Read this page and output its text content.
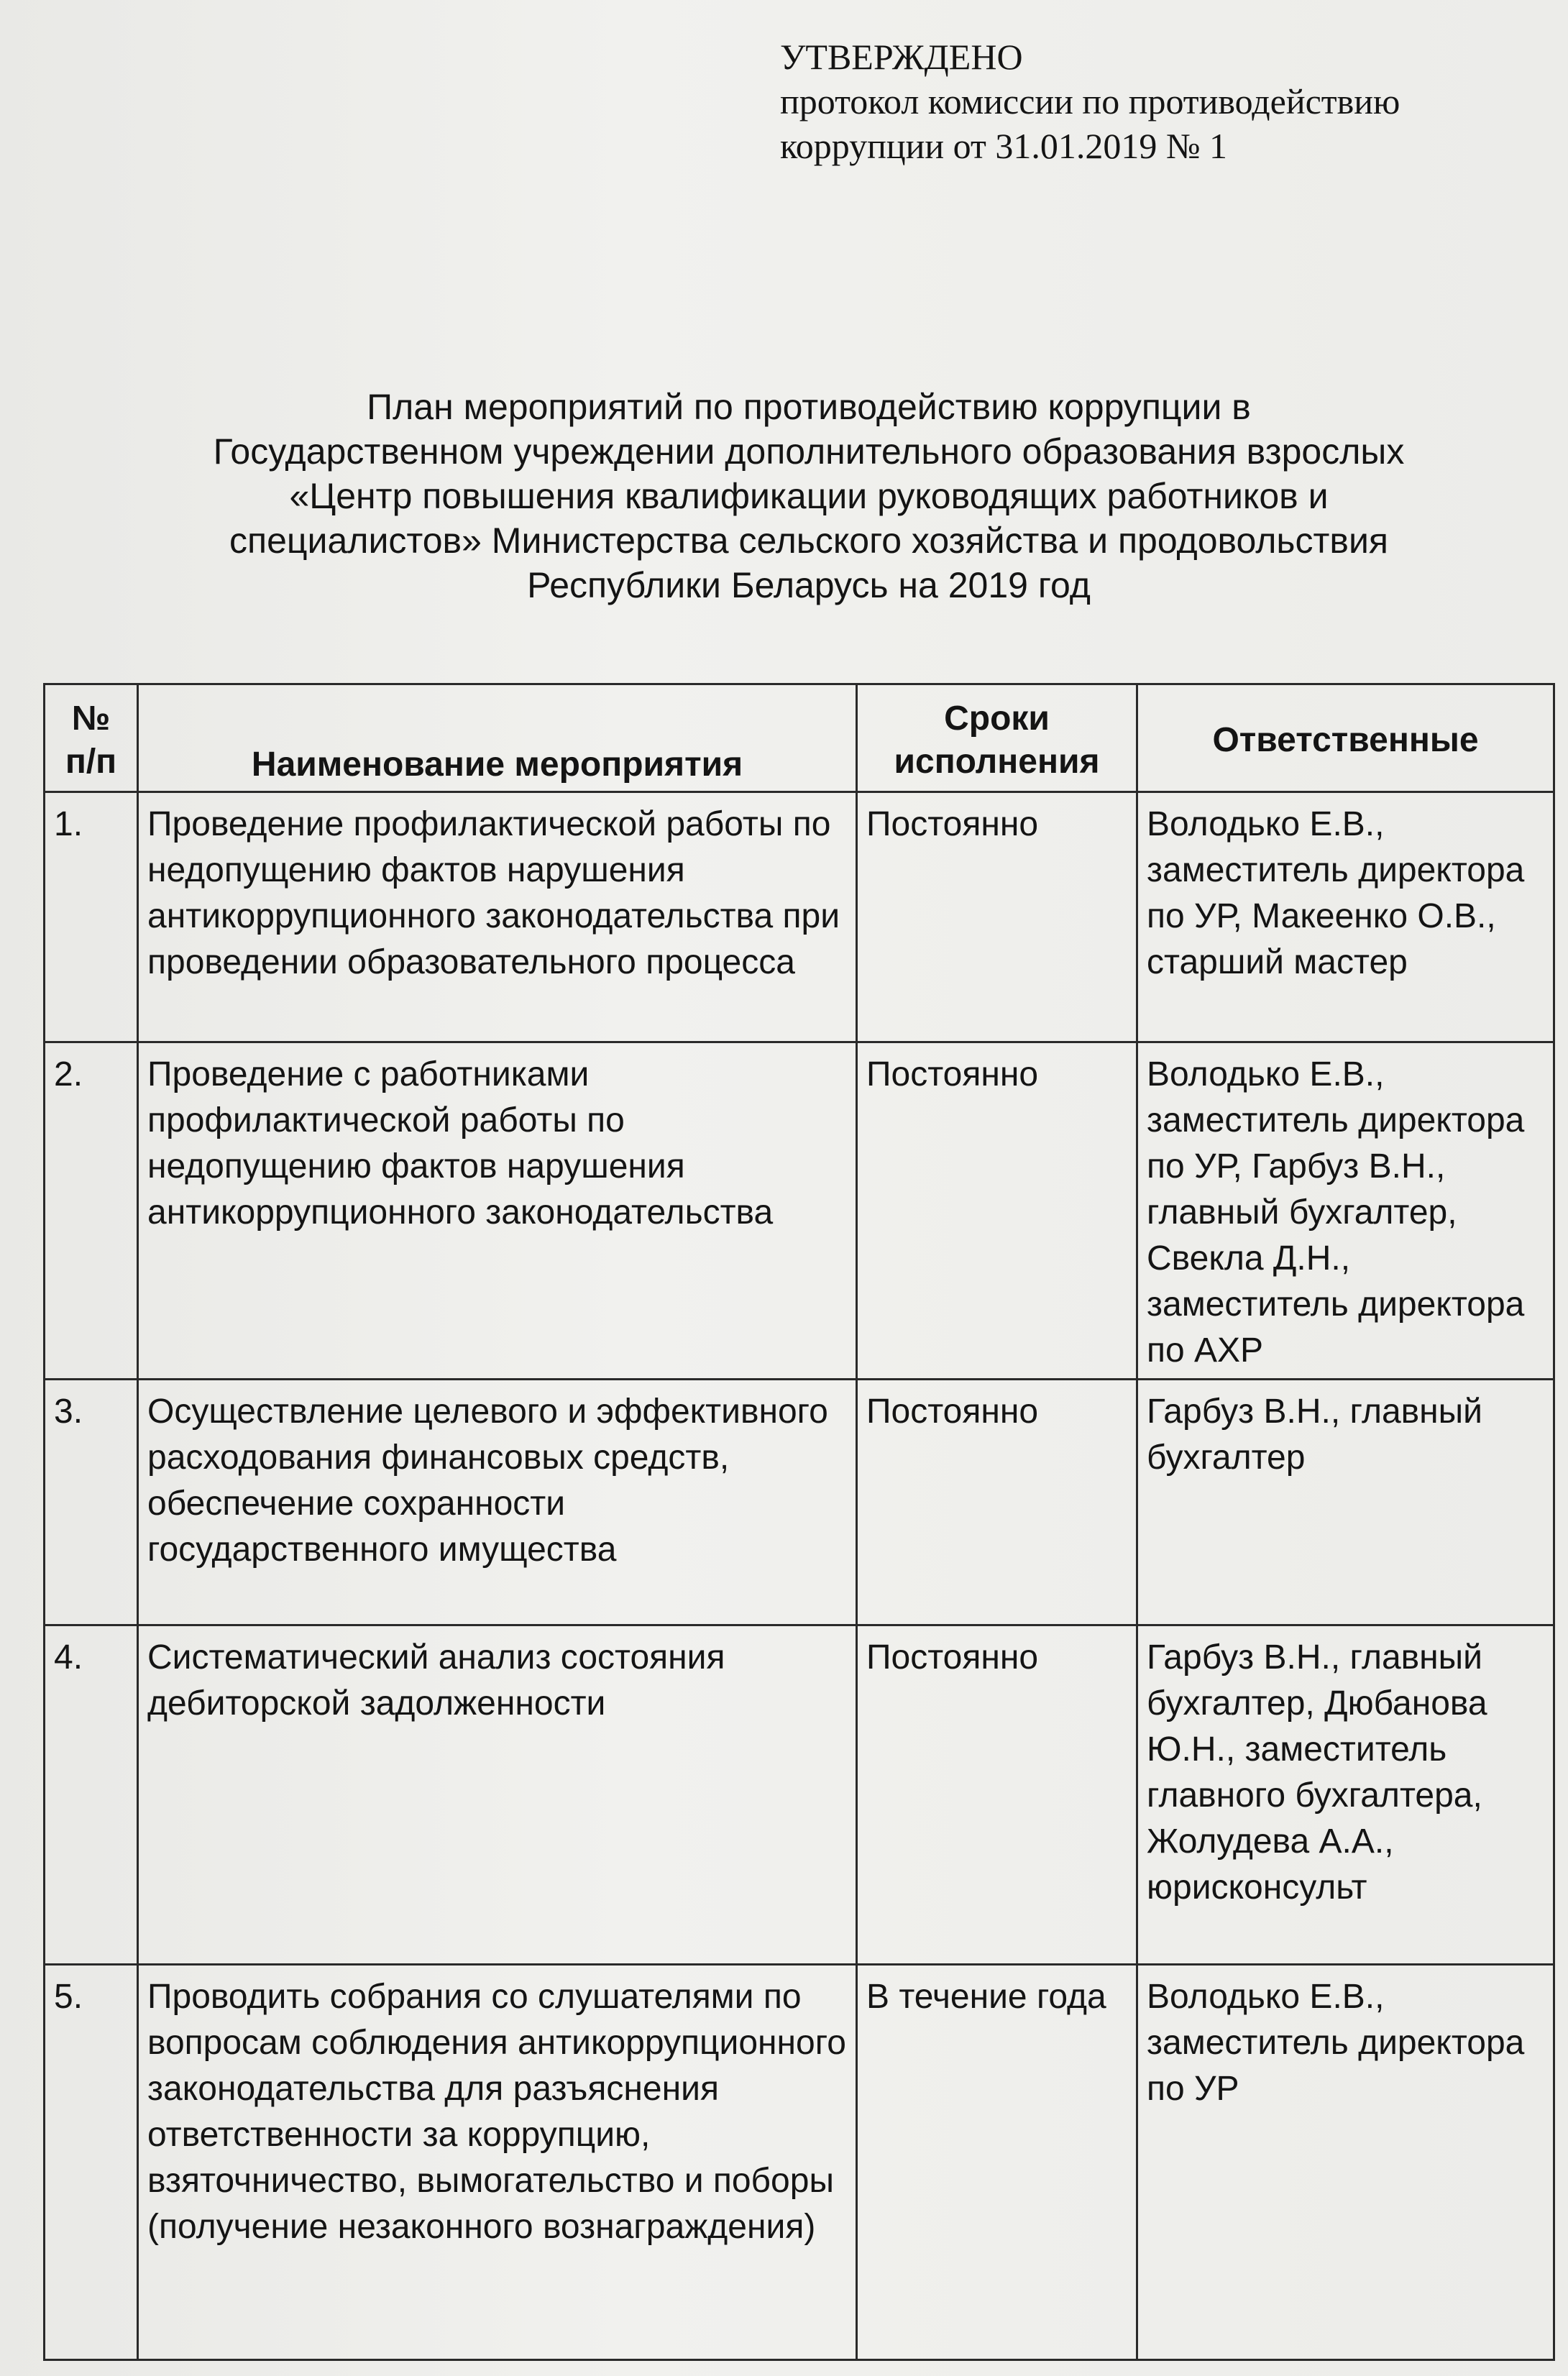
УТВЕРЖДЕНО
протокол комиссии по противодействию
коррупции от 31.01.2019 № 1
План мероприятий по противодействию коррупции в
Государственном учреждении дополнительного образования взрослых
«Центр повышения квалификации руководящих работников и
специалистов» Министерства сельского хозяйства и продовольствия
Республики Беларусь на 2019 год
№ п/п	Наименование мероприятия	Сроки исполнения	Ответственные
1.	Проведение профилактической работы по недопущению фактов нарушения антикоррупционного законодательства при проведении образовательного процесса	Постоянно	Володько Е.В., заместитель директора по УР, Макеенко О.В., старший мастер
2.	Проведение с работниками профилактической работы по недопущению фактов нарушения антикоррупционного законодательства	Постоянно	Володько Е.В., заместитель директора по УР, Гарбуз В.Н., главный бухгалтер, Свекла Д.Н., заместитель директора по АХР
3.	Осуществление целевого и эффективного расходования финансовых средств, обеспечение сохранности государственного имущества	Постоянно	Гарбуз В.Н., главный бухгалтер
4.	Систематический анализ состояния дебиторской задолженности	Постоянно	Гарбуз В.Н., главный бухгалтер, Дюбанова Ю.Н., заместитель главного бухгалтера, Жолудева А.А., юрисконсульт
5.	Проводить собрания со слушателями по вопросам соблюдения антикоррупционного законодательства для разъяснения ответственности за коррупцию, взяточничество, вымогательство и поборы (получение незаконного вознаграждения)	В течение года	Володько Е.В., заместитель директора по УР
